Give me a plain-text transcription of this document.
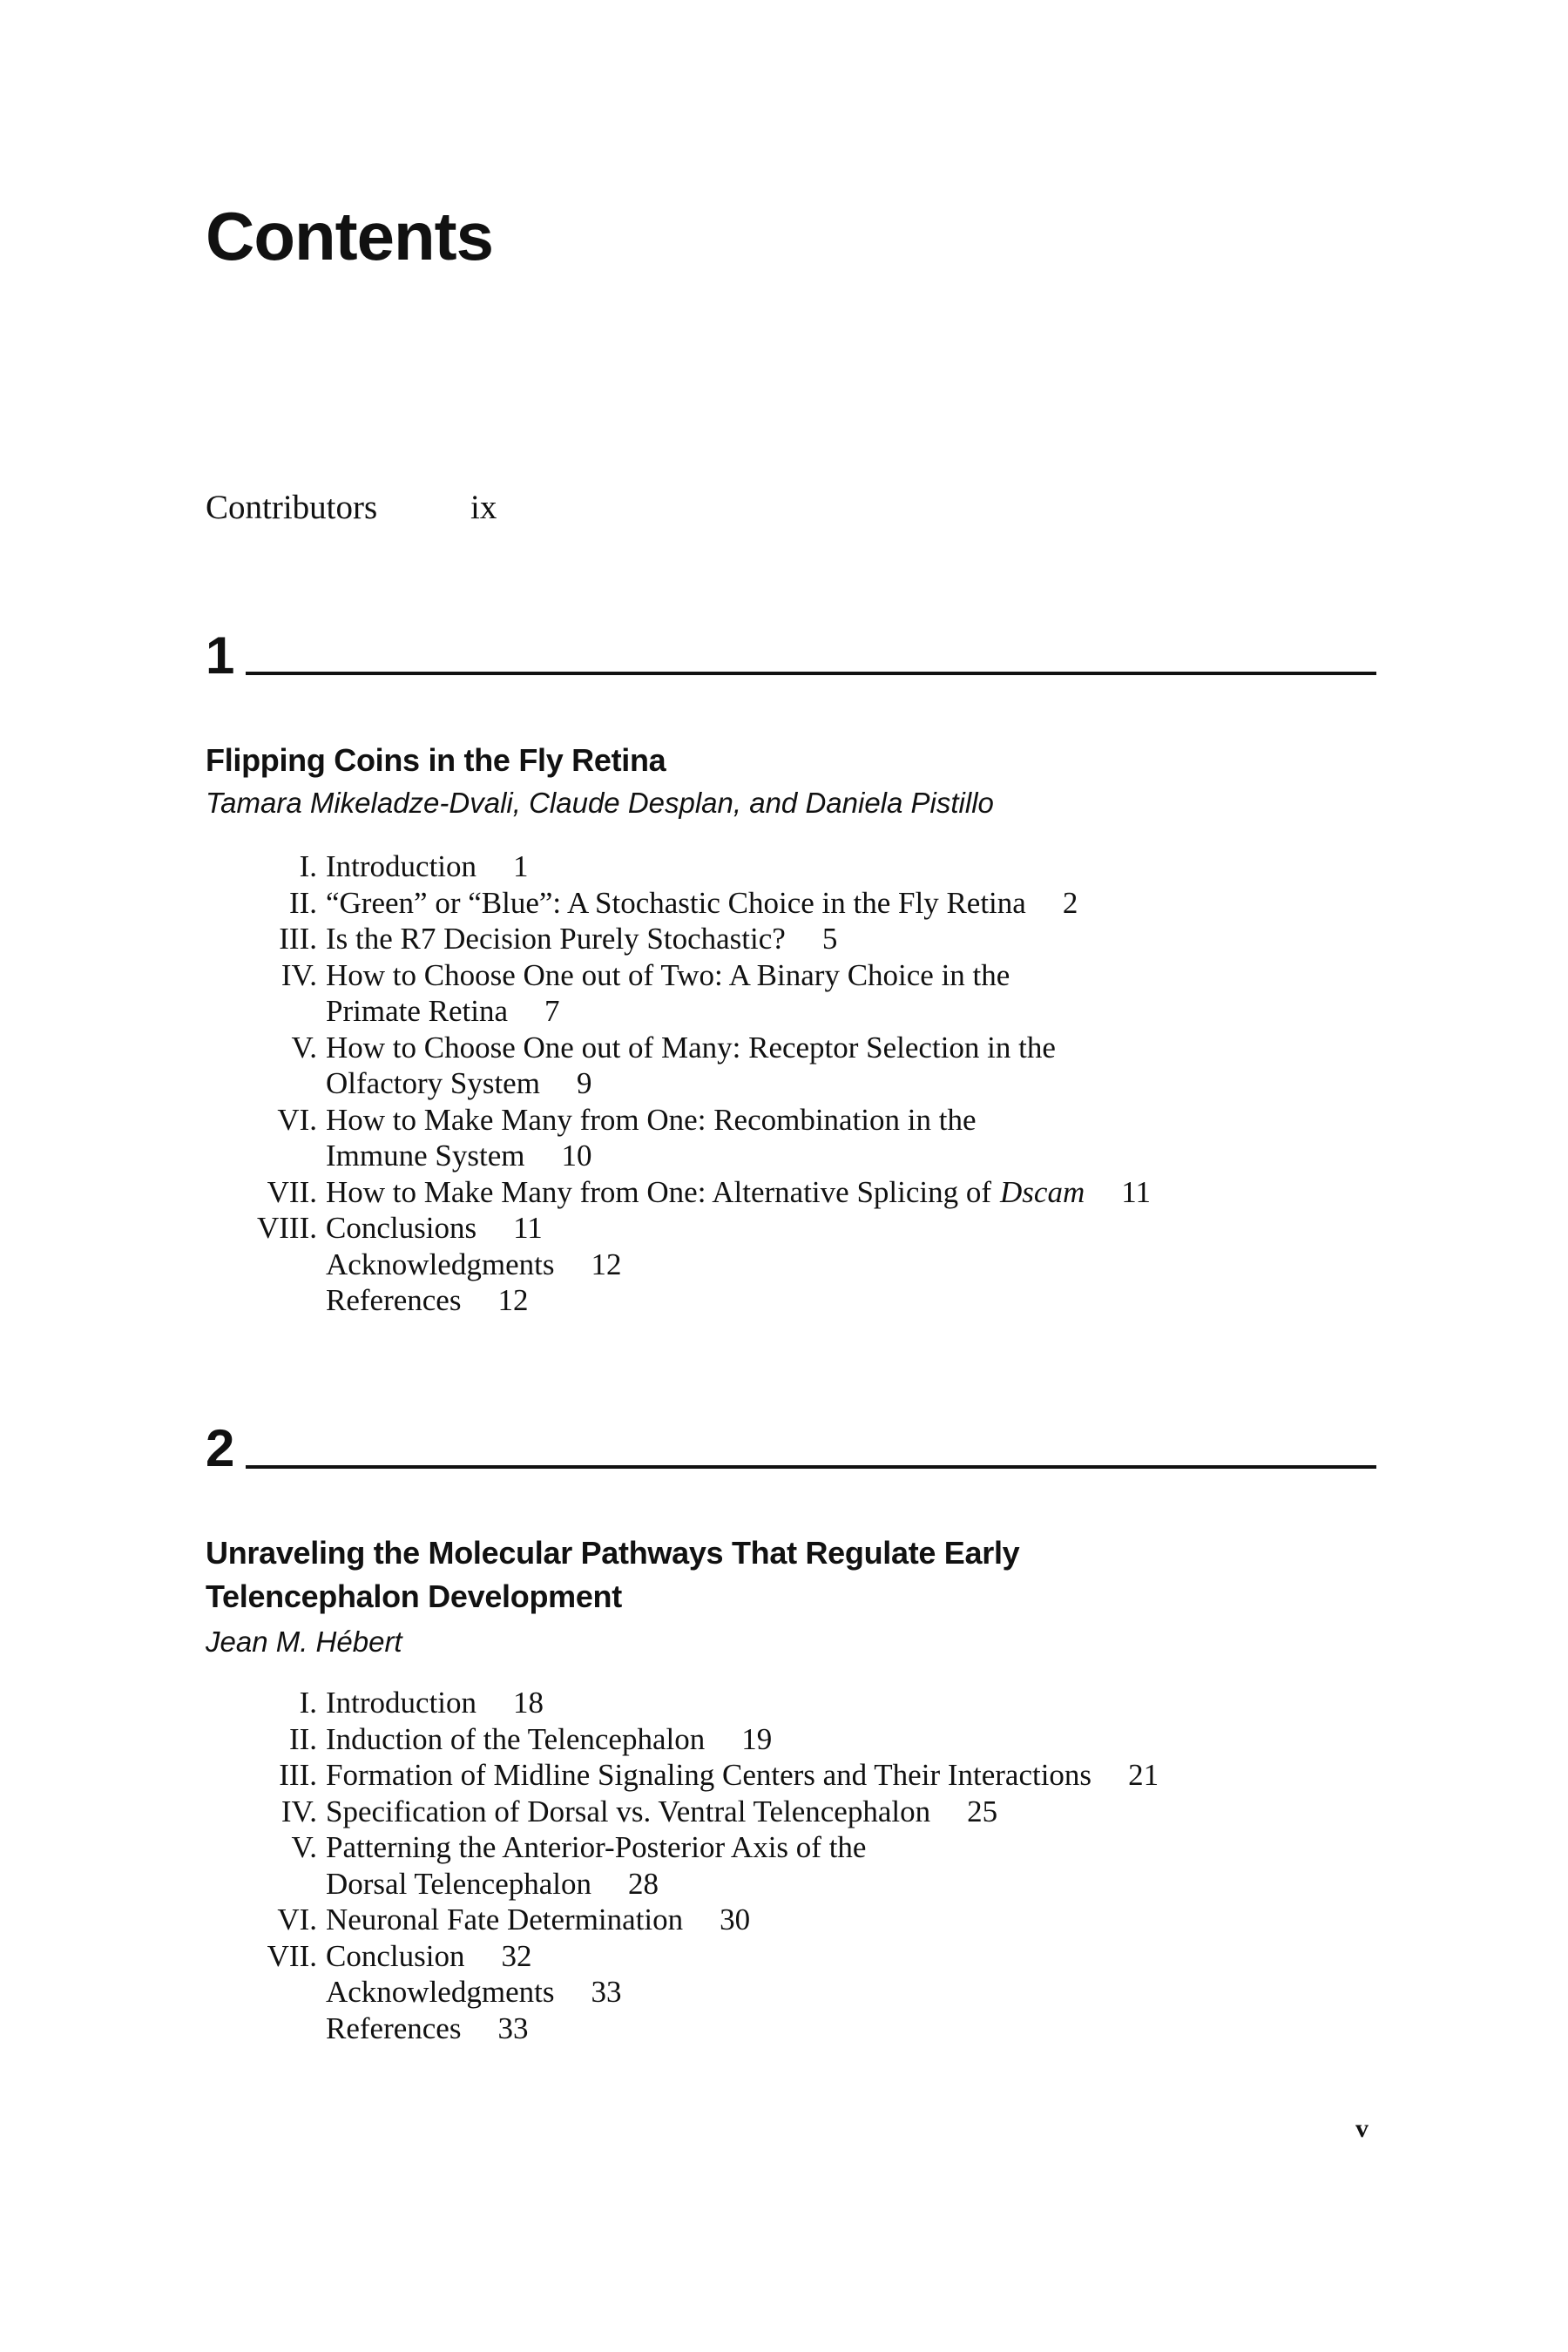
Contents
Contributors	ix
1
Flipping Coins in the Fly Retina
Tamara Mikeladze-Dvali, Claude Desplan, and Daniela Pistillo
I. Introduction	1
II. “Green” or “Blue”: A Stochastic Choice in the Fly Retina	2
III. Is the R7 Decision Purely Stochastic?	5
IV. How to Choose One out of Two: A Binary Choice in the
Primate Retina	7
V. How to Choose One out of Many: Receptor Selection in the
Olfactory System	9
VI. How to Make Many from One: Recombination in the
Immune System	10
VII. How to Make Many from One: Alternative Splicing of Dscam	11
VIII. Conclusions	11
Acknowledgments	12
References	12
2
Unraveling the Molecular Pathways That Regulate Early
Telencephalon Development
Jean M. Hébert
I. Introduction	18
II. Induction of the Telencephalon	19
III. Formation of Midline Signaling Centers and Their Interactions	21
IV. Specification of Dorsal vs. Ventral Telencephalon	25
V. Patterning the Anterior-Posterior Axis of the
Dorsal Telencephalon	28
VI. Neuronal Fate Determination	30
VII. Conclusion	32
Acknowledgments	33
References	33
v
